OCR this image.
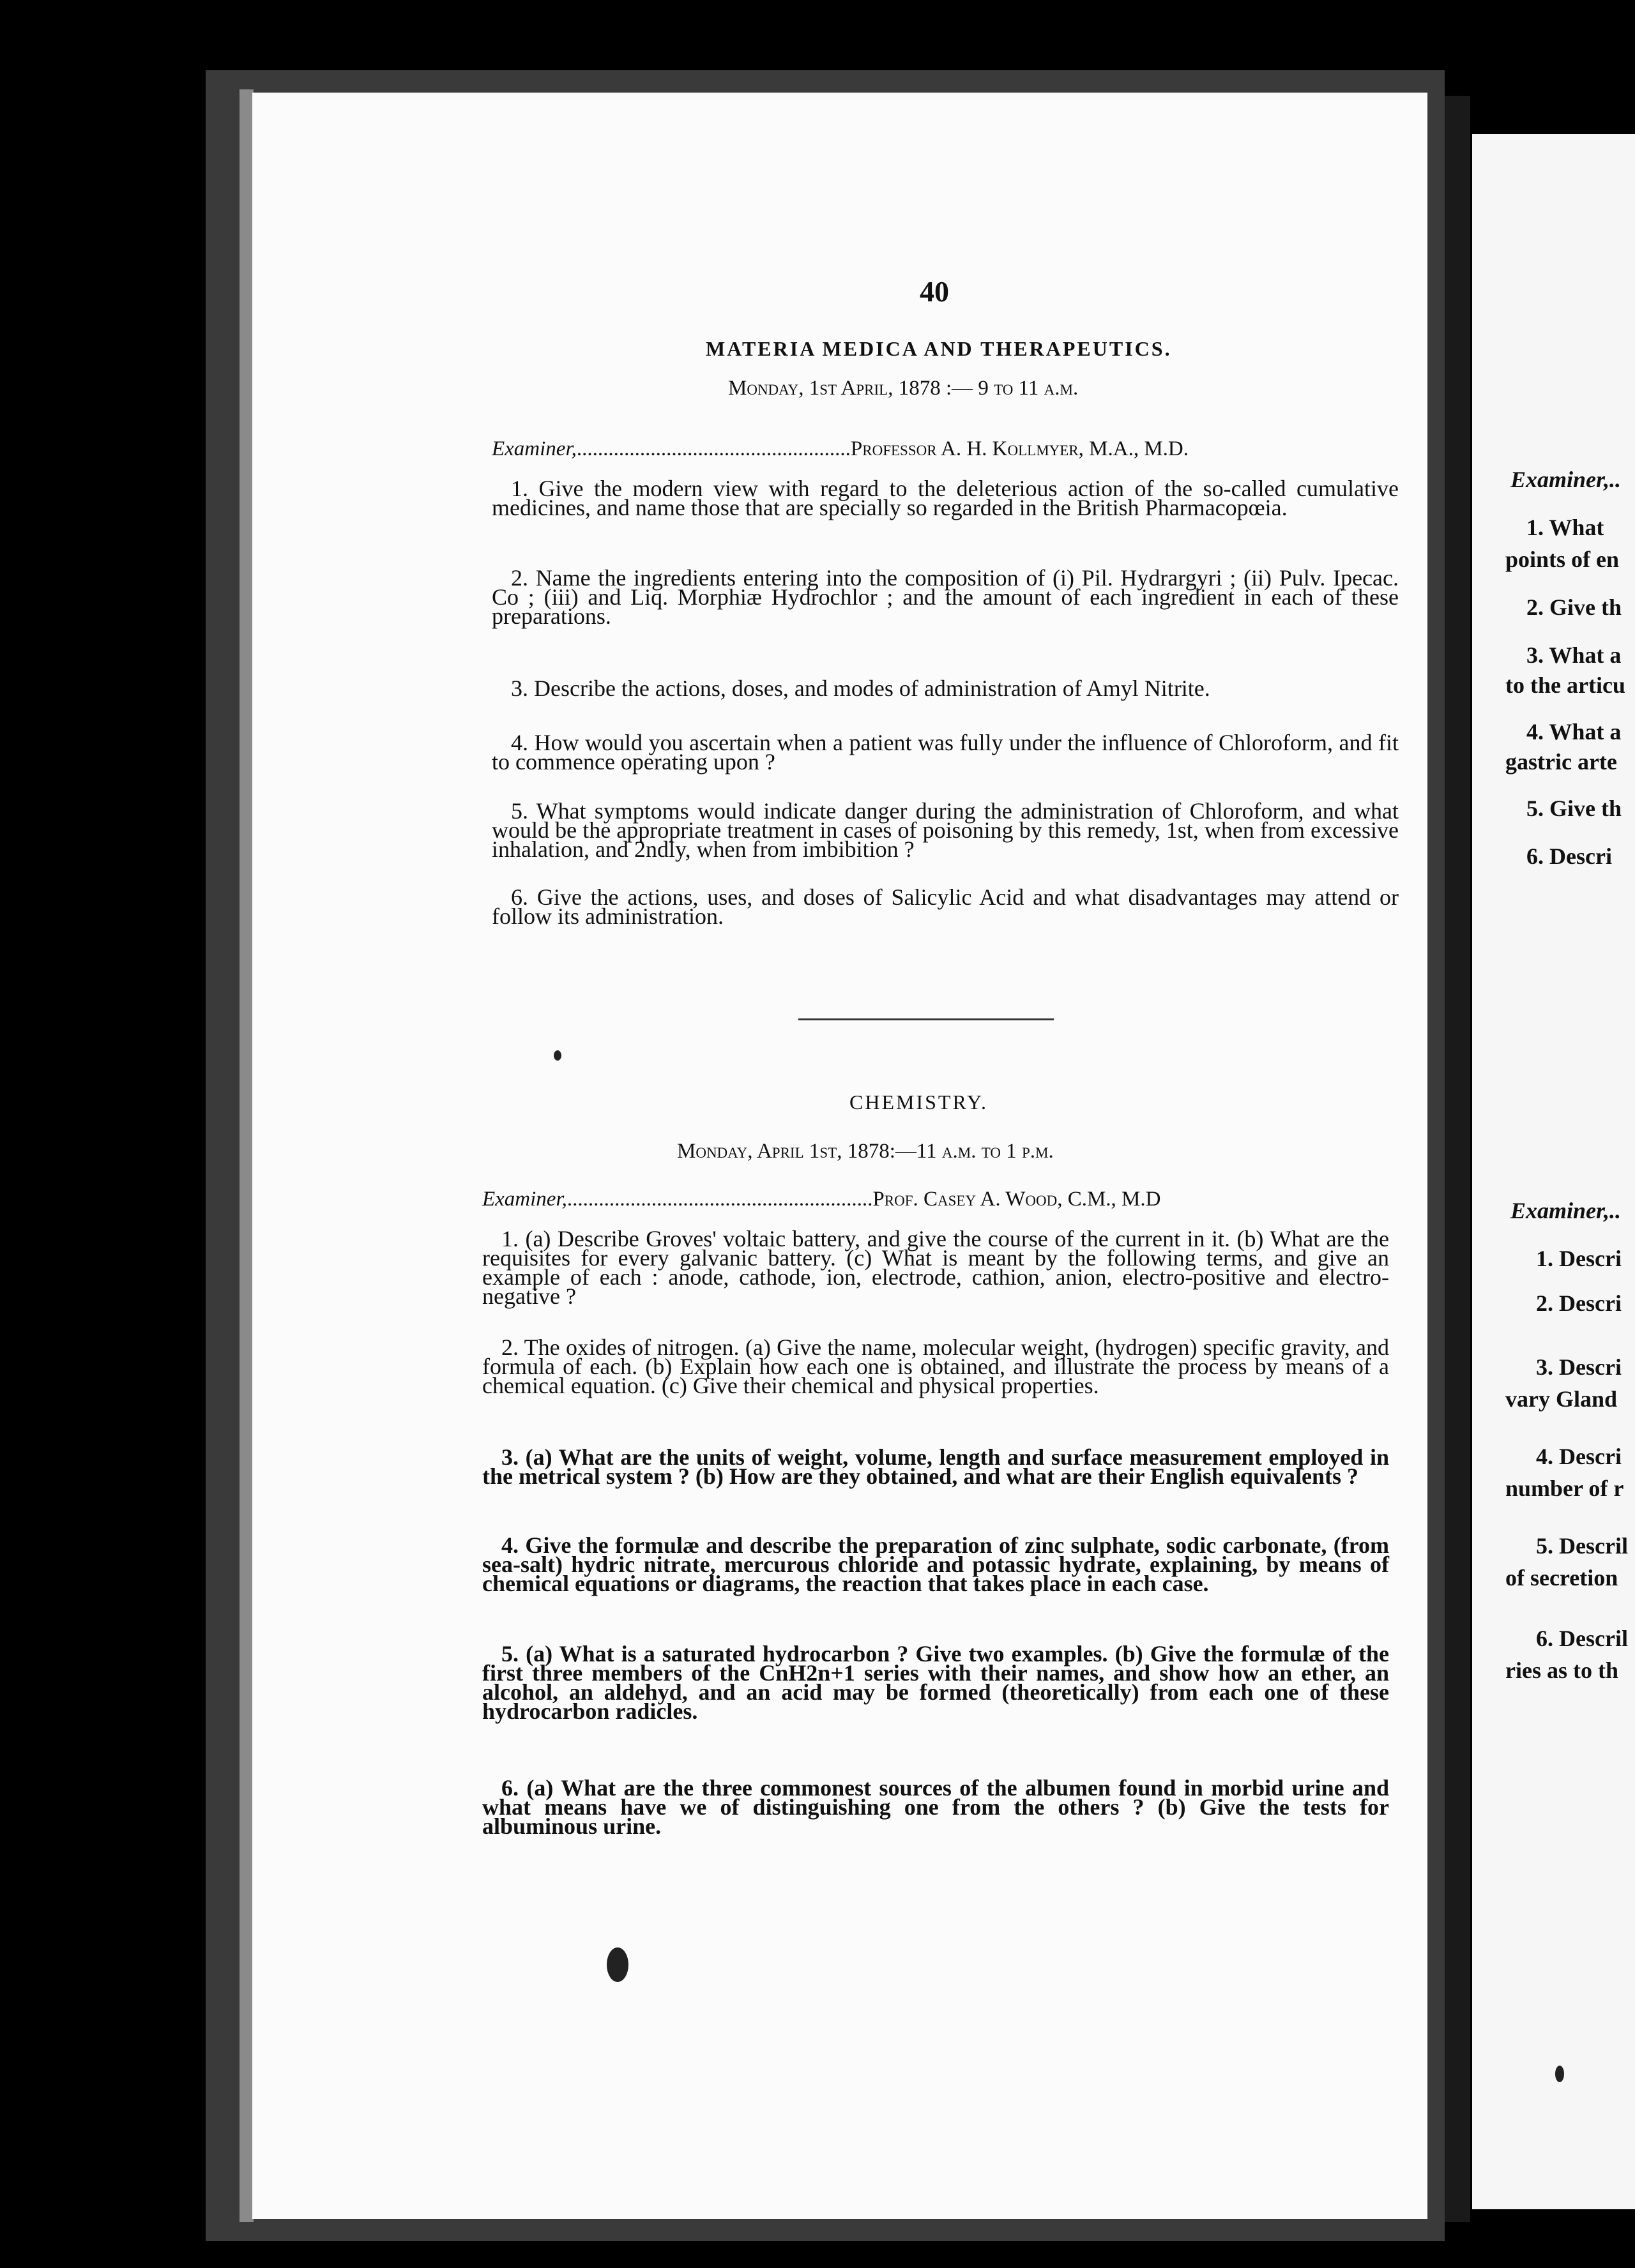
40
MATERIA MEDICA AND THERAPEUTICS.
Monday, 1st April, 1878 :— 9 to 11 a.m.
Examiner,....................................................Professor A. H. Kollmyer, M.A., M.D.

1. Give the modern view with regard to the deleterious action of the so-called cumulative medicines, and name those that are specially so regarded in the British Pharmacopœia.

2. Name the ingredients entering into the composition of (i) Pil. Hydrargyri ; (ii) Pulv. Ipecac. Co ; (iii) and Liq. Morphiæ Hydrochlor ; and the amount of each ingredient in each of these preparations.

3. Describe the actions, doses, and modes of administration of Amyl Nitrite.

4. How would you ascertain when a patient was fully under the influence of Chloroform, and fit to commence operating upon ?

5. What symptoms would indicate danger during the administration of Chloroform, and what would be the appropriate treatment in cases of poisoning by this remedy, 1st, when from excessive inhalation, and 2ndly, when from imbibition ?

6. Give the actions, uses, and doses of Salicylic Acid and what disadvantages may attend or follow its administration.

CHEMISTRY.
Monday, April 1st, 1878:—11 a.m. to 1 p.m.
Examiner,..........................................................Prof. Casey A. Wood, C.M., M.D

1. (a) Describe Groves' voltaic battery, and give the course of the current in it. (b) What are the requisites for every galvanic battery. (c) What is meant by the following terms, and give an example of each : anode, cathode, ion, electrode, cathion, anion, electro-positive and electro-negative ?

2. The oxides of nitrogen. (a) Give the name, molecular weight, (hydrogen) specific gravity, and formula of each. (b) Explain how each one is obtained, and illustrate the process by means of a chemical equation. (c) Give their chemical and physical properties.

3. (a) What are the units of weight, volume, length and surface measurement employed in the metrical system ? (b) How are they obtained, and what are their English equivalents ?

4. Give the formulæ and describe the preparation of zinc sulphate, sodic carbonate, (from sea-salt) hydric nitrate, mercurous chloride and potassic hydrate, explaining, by means of chemical equations or diagrams, the reaction that takes place in each case.

5. (a) What is a saturated hydrocarbon ? Give two examples. (b) Give the formulæ of the first three members of the CnH2n+1 series with their names, and show how an ether, an alcohol, an aldehyd, and an acid may be formed (theoretically) from each one of these hydrocarbon radicles.

6. (a) What are the three commonest sources of the albumen found in morbid urine and what means have we of distinguishing one from the others ? (b) Give the tests for albuminous urine.

Examiner,..
1. What
points of en
2. Give th
3. What a
to the articu
4. What a
gastric arte
5. Give th
6. Descri
Examiner,..
1. Descri
2. Descri
3. Descri
vary Gland
4. Descri
number of r
5. Descril
of secretion
6. Descril
ries as to th
